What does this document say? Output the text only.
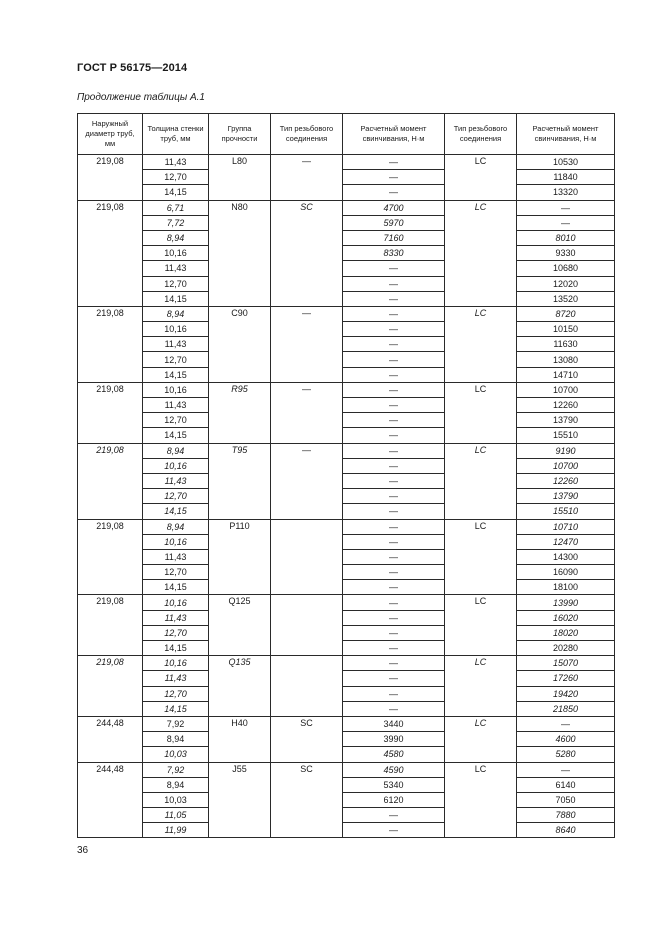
ГОСТ Р 56175—2014
Продолжение таблицы А.1
Наружный диаметр труб, мм	Толщина стенки труб, мм	Группа прочности	Тип резьбового соединения	Расчетный момент свинчивания, Н·м	Тип резьбового соединения	Расчетный момент свинчивания, Н·м
219,08	11,43	L80	—	—	LC	10530
	12,70			—		11840
	14,15			—		13320
219,08	6,71	N80	SC	4700	LC	—
	7,72			5970		—
	8,94			7160		8010
	10,16			8330		9330
	11,43			—		10680
	12,70			—		12020
	14,15			—		13520
219,08	8,94	C90	—	—	LC	8720
	10,16			—		10150
	11,43			—		11630
	12,70			—		13080
	14,15			—		14710
219,08	10,16	R95	—	—	LC	10700
	11,43			—		12260
	12,70			—		13790
	14,15			—		15510
219,08	8,94	T95	—	—	LC	9190
	10,16			—		10700
	11,43			—		12260
	12,70			—		13790
	14,15			—		15510
219,08	8,94	P110		—	LC	10710
	10,16			—		12470
	11,43			—		14300
	12,70			—		16090
	14,15			—		18100
219,08	10,16	Q125		—	LC	13990
	11,43			—		16020
	12,70			—		18020
	14,15			—		20280
219,08	10,16	Q135		—	LC	15070
	11,43			—		17260
	12,70			—		19420
	14,15			—		21850
244,48	7,92	H40	SC	3440	LC	—
	8,94			3990		4600
	10,03			4580		5280
244,48	7,92	J55	SC	4590	LC	—
	8,94			5340		6140
	10,03			6120		7050
	11,05			—		7880
	11,99			—		8640
36
